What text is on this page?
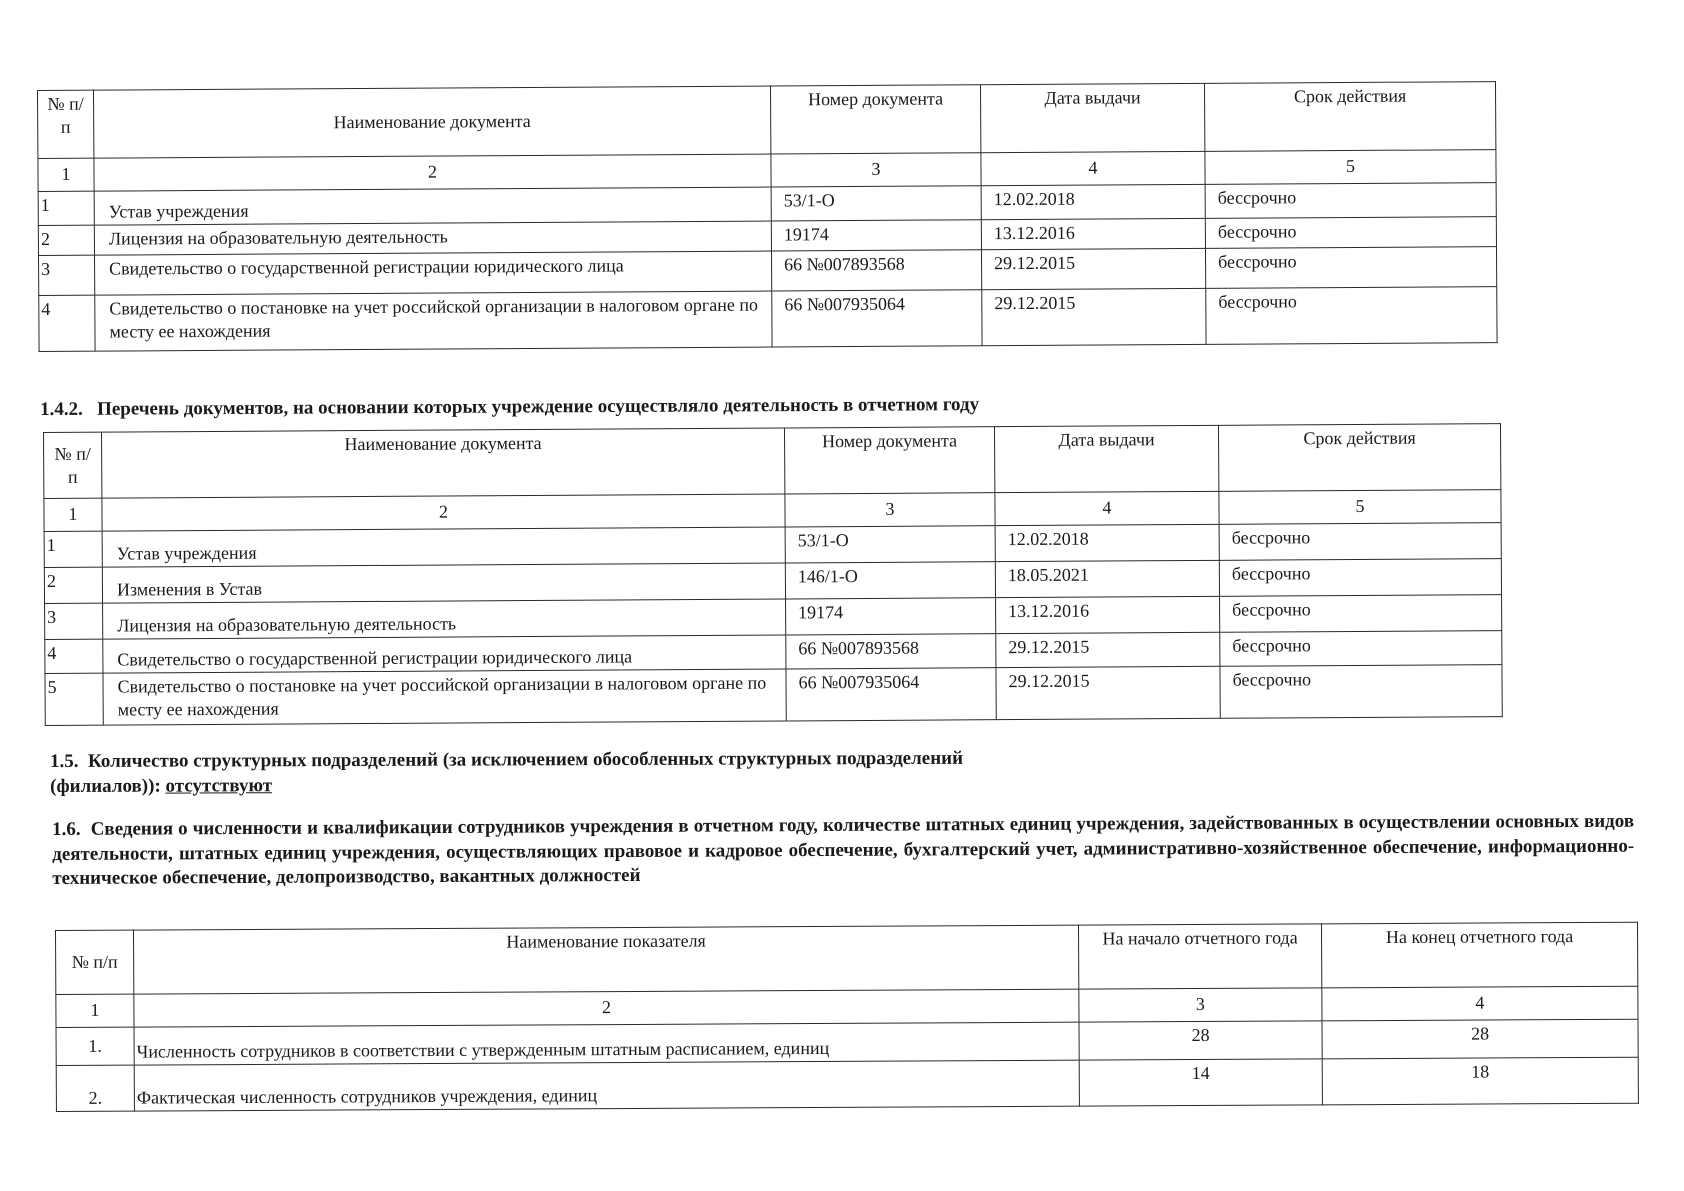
№ п/п	Наименование документа	Номер документа	Дата выдачи	Срок действия
1	2	3	4	5
1	Устав учреждения	53/1-О	12.02.2018	бессрочно
2	Лицензия на образовательную деятельность	19174	13.12.2016	бессрочно
3	Свидетельство о государственной регистрации юридического лица	66 №007893568	29.12.2015	бессрочно
4	Свидетельство о постановке на учет российской организации в налоговом органе по месту ее нахождения	66 №007935064	29.12.2015	бессрочно
1.4.2. Перечень документов, на основании которых учреждение осуществляло деятельность в отчетном году
№ п/п	Наименование документа	Номер документа	Дата выдачи	Срок действия
1	2	3	4	5
1	Устав учреждения	53/1-О	12.02.2018	бессрочно
2	Изменения в Устав	146/1-О	18.05.2021	бессрочно
3	Лицензия на образовательную деятельность	19174	13.12.2016	бессрочно
4	Свидетельство о государственной регистрации юридического лица	66 №007893568	29.12.2015	бессрочно
5	Свидетельство о постановке на учет российской организации в налоговом органе по месту ее нахождения	66 №007935064	29.12.2015	бессрочно
1.5. Количество структурных подразделений (за исключением обособленных структурных подразделений (филиалов)): отсутствуют
1.6. Сведения о численности и квалификации сотрудников учреждения в отчетном году, количестве штатных единиц учреждения, задействованных в осуществлении основных видов деятельности, штатных единиц учреждения, осуществляющих правовое и кадровое обеспечение, бухгалтерский учет, административно-хозяйственное обеспечение, информационно-техническое обеспечение, делопроизводство, вакантных должностей
№ п/п	Наименование показателя	На начало отчетного года	На конец отчетного года
1	2	3	4
1.	Численность сотрудников в соответствии с утвержденным штатным расписанием, единиц	28	28
2.	Фактическая численность сотрудников учреждения, единиц	14	18
